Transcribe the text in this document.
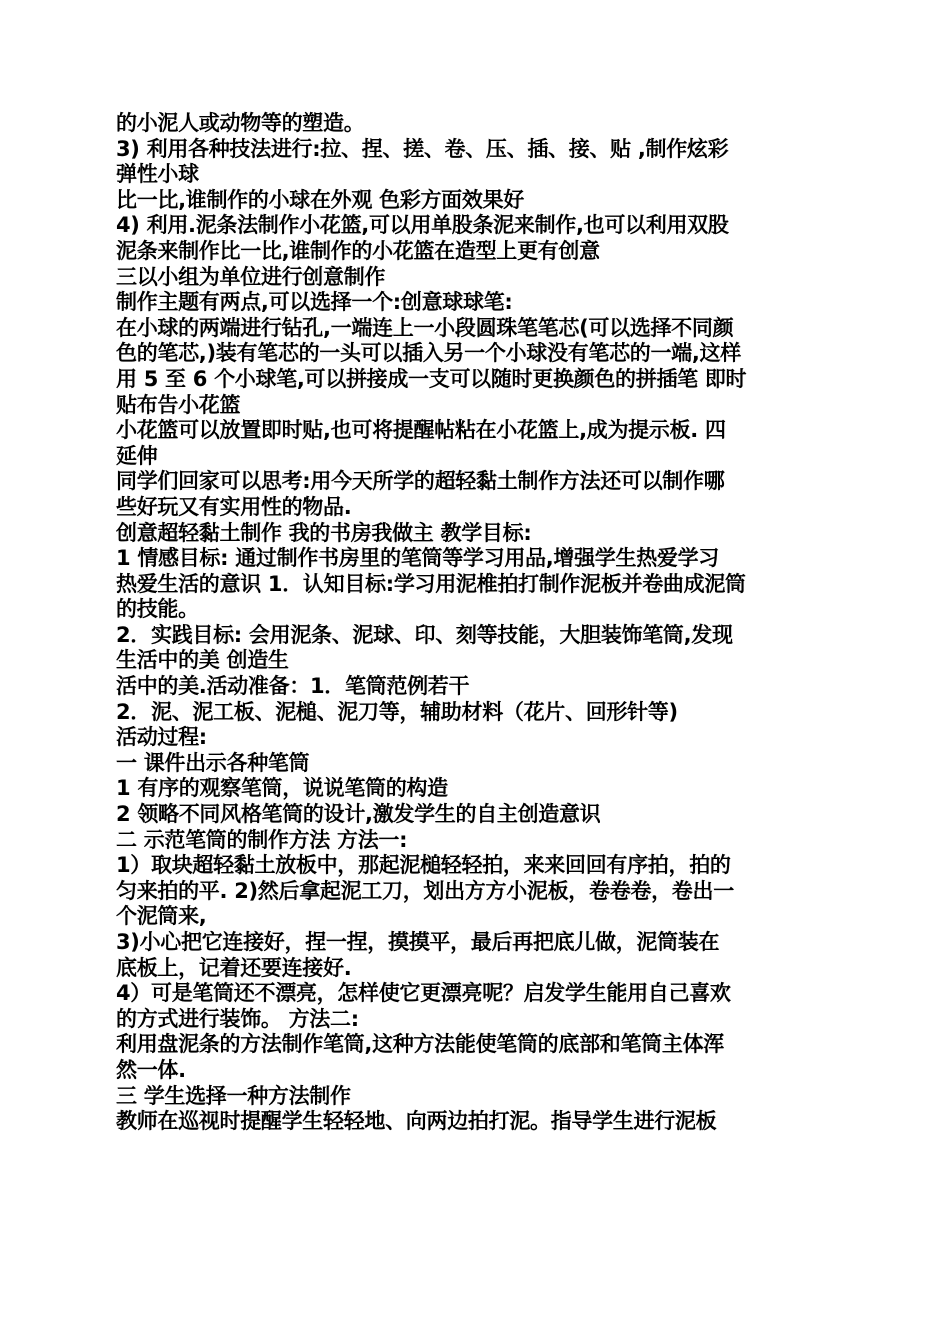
的小泥人或动物等的塑造。
3) 利用各种技法进行:拉、捏、搓、卷、压、插、接、贴 ,制作炫彩
弹性小球
比一比,谁制作的小球在外观 色彩方面效果好
4) 利用.泥条法制作小花篮,可以用单股条泥来制作,也可以利用双股
泥条来制作比一比,谁制作的小花篮在造型上更有创意
三以小组为单位进行创意制作
制作主题有两点,可以选择一个:创意球球笔:
在小球的两端进行钻孔,一端连上一小段圆珠笔笔芯(可以选择不同颜
色的笔芯,)装有笔芯的一头可以插入另一个小球没有笔芯的一端,这样
用 5 至 6 个小球笔,可以拼接成一支可以随时更换颜色的拼插笔 即时
贴布告小花篮
小花篮可以放置即时贴,也可将提醒帖粘在小花篮上,成为提示板. 四
延伸
同学们回家可以思考:用今天所学的超轻黏土制作方法还可以制作哪
些好玩又有实用性的物品.
创意超轻黏土制作 我的书房我做主 教学目标:
1 情感目标: 通过制作书房里的笔筒等学习用品,增强学生热爱学习
热爱生活的意识 1．认知目标:学习用泥椎拍打制作泥板并卷曲成泥筒
的技能。
2．实践目标: 会用泥条、泥球、印、刻等技能，大胆装饰笔筒,发现
生活中的美 创造生
活中的美.活动准备：1．笔筒范例若干
2．泥、泥工板、泥槌、泥刀等，辅助材料（花片、回形针等)
活动过程:
一 课件出示各种笔筒
1 有序的观察笔筒，说说笔筒的构造
2 领略不同风格笔筒的设计,激发学生的自主创造意识
二 示范笔筒的制作方法 方法一:
1）取块超轻黏土放板中，那起泥槌轻轻拍，来来回回有序拍，拍的
匀来拍的平. 2)然后拿起泥工刀，划出方方小泥板，卷卷卷，卷出一
个泥筒来,
3)小心把它连接好，捏一捏，摸摸平，最后再把底儿做，泥筒装在
底板上，记着还要连接好.
4）可是笔筒还不漂亮，怎样使它更漂亮呢？启发学生能用自己喜欢
的方式进行装饰。 方法二:
利用盘泥条的方法制作笔筒,这种方法能使笔筒的底部和笔筒主体浑
然一体.
三 学生选择一种方法制作
教师在巡视时提醒学生轻轻地、向两边拍打泥。指导学生进行泥板
